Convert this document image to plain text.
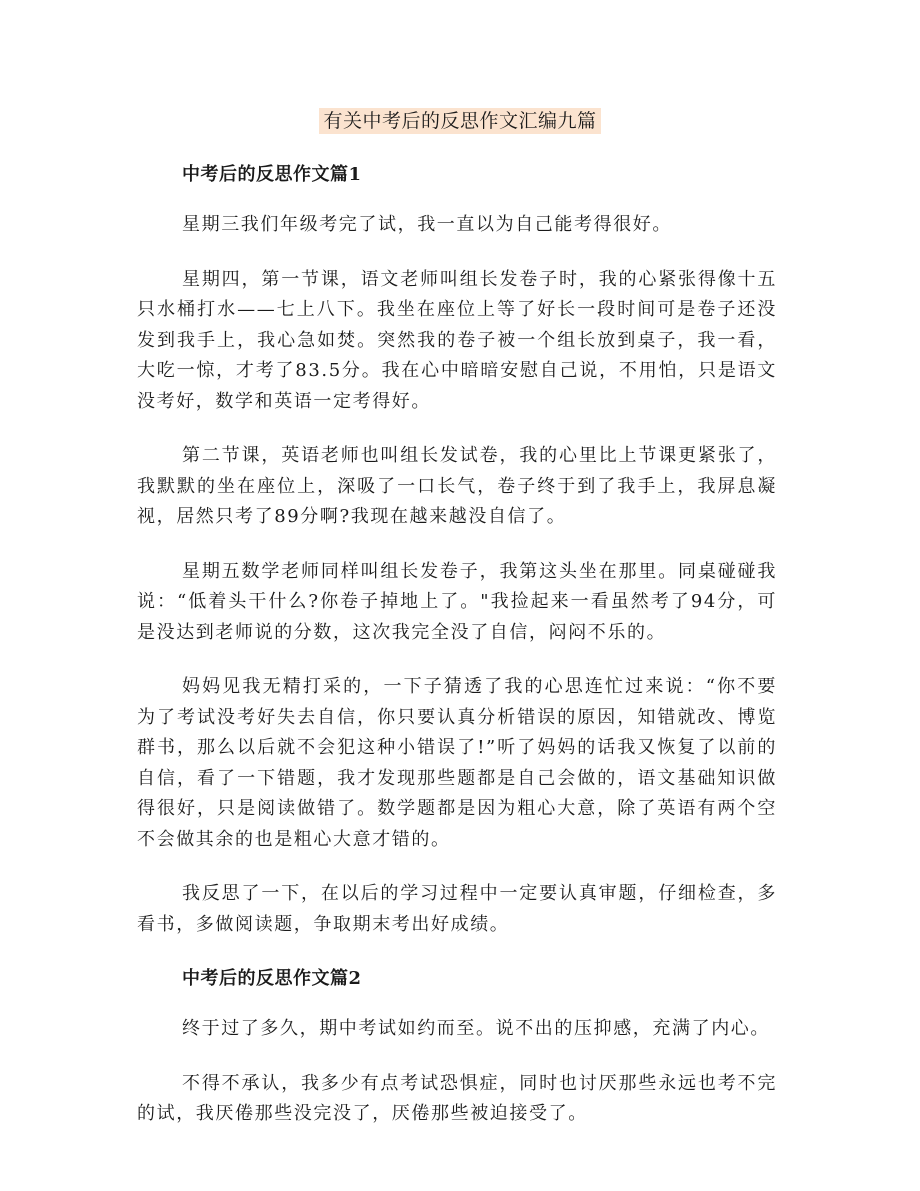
有关中考后的反思作文汇编九篇
中考后的反思作文篇1

星期三我们年级考完了试，我一直以为自己能考得很好。

星期四，第一节课，语文老师叫组长发卷子时，我的心紧张得像十五只水桶打水——七上八下。我坐在座位上等了好长一段时间可是卷子还没发到我手上，我心急如焚。突然我的卷子被一个组长放到桌子，我一看，大吃一惊，才考了83.5分。我在心中暗暗安慰自己说，不用怕，只是语文没考好，数学和英语一定考得好。

第二节课，英语老师也叫组长发试卷，我的心里比上节课更紧张了，我默默的坐在座位上，深吸了一口长气，卷子终于到了我手上，我屏息凝视，居然只考了89分啊?我现在越来越没自信了。

星期五数学老师同样叫组长发卷子，我第这头坐在那里。同桌碰碰我说：“低着头干什么?你卷子掉地上了。"我捡起来一看虽然考了94分，可是没达到老师说的分数，这次我完全没了自信，闷闷不乐的。

妈妈见我无精打采的，一下子猜透了我的心思连忙过来说：“你不要为了考试没考好失去自信，你只要认真分析错误的原因，知错就改、博览群书，那么以后就不会犯这种小错误了!”听了妈妈的话我又恢复了以前的自信，看了一下错题，我才发现那些题都是自己会做的，语文基础知识做得很好，只是阅读做错了。数学题都是因为粗心大意，除了英语有两个空不会做其余的也是粗心大意才错的。

我反思了一下，在以后的学习过程中一定要认真审题，仔细检查，多看书，多做阅读题，争取期末考出好成绩。

中考后的反思作文篇2

终于过了多久，期中考试如约而至。说不出的压抑感，充满了内心。

不得不承认，我多少有点考试恐惧症，同时也讨厌那些永远也考不完的试，我厌倦那些没完没了，厌倦那些被迫接受了。
